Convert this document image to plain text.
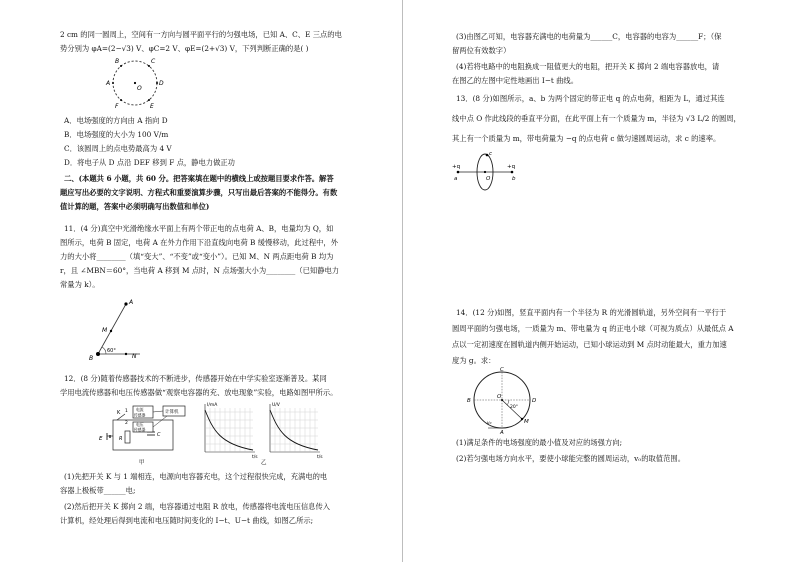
2 cm 的同一圆周上，空间有一方向与圆平面平行的匀强电场，已知 A、C、E 三点的电
势分别为 φA=(2−√3) V、φC=2 V、φE=(2+√3) V，下列判断正确的是( )
B	C
A
O
D
F	E
A．电场强度的方向由 A 指向 D
B．电场强度的大小为 100 V/m
C．该圆周上的点电势最高为 4 V
D．将电子从 D 点沿 DEF 移到 F 点，静电力做正功
二、(本题共 6 小题，共 60 分。把答案填在题中的横线上或按题目要求作答。解答
题应写出必要的文字说明、方程式和重要演算步骤，只写出最后答案的不能得分。有数
值计算的题，答案中必须明确写出数值和单位)
11．(4 分)真空中光滑绝缘水平面上有两个带正电的点电荷 A、B，电量均为 Q，如
图所示，电荷 B 固定，电荷 A 在外力作用下沿直线向电荷 B 缓慢移动，此过程中，外
力的大小将________（填“变大”、“不变”或“变小”）。已知 M、N 两点距电荷 B 均为
r，且 ∠MBN＝60°，当电荷 A 移到 M 点时，N 点场强大小为________（已知静电力
常量为 k）。
A
M
B
60°
N
12．(8 分)随着传感器技术的不断进步，传感器开始在中学实验室逐渐普及。某同
学用电流传感器和电压传感器做“观察电容器的充、放电现象”实验，电路如图甲所示。
E
K 1
2
R
C
电流
传感器
电压
传感器
计算机
甲
I/mA
t/s
U/V
t/s
乙
(1)先把开关 K 与 1 端相连，电源向电容器充电，这个过程很快完成，充满电的电
容器上极板带______电;
(2)然后把开关 K 掷向 2 端，电容器通过电阻 R 放电，传感器将电流电压信息传入
计算机，经处理后得到电流和电压随时间变化的 I−t、U−t 曲线，如图乙所示;
(3)由图乙可知，电容器充满电的电荷量为______C，电容器的电容为______F；（保
留两位有效数字）
(4)若将电路中的电阻换成一阻值更大的电阻，把开关 K 掷向 2 端电容器放电，请
在图乙的左图中定性地画出 I−t 曲线。
13．(8 分)如图所示，a、b 为两个固定的带正电 q 的点电荷，相距为 L，通过其连
线中点 O 作此线段的垂直平分面，在此平面上有一个质量为 m，半径为 √3 L/2 的圆周，
其上有一个质量为 m，带电荷量为 −q 的点电荷 c 做匀速圆周运动，求 c 的速率。
+q
a
c
O	b
+q
14．(12 分)如图，竖直平面内有一个半径为 R 的光滑圆轨道，另外空间有一平行于
圆周平面的匀强电场，一质量为 m、带电量为 q 的正电小球（可视为质点）从最低点 A
点以一定初速度在圆轨道内侧开始运动，已知小球运动到 M 点时动能最大，重力加速
度为 g。求：
C
B
O
D
20°
M
v₀
A
(1)满足条件的电场强度的最小值及对应的场强方向;
(2)若匀强电场方向水平，要使小球能完整的圆周运动，v₀的取值范围。
